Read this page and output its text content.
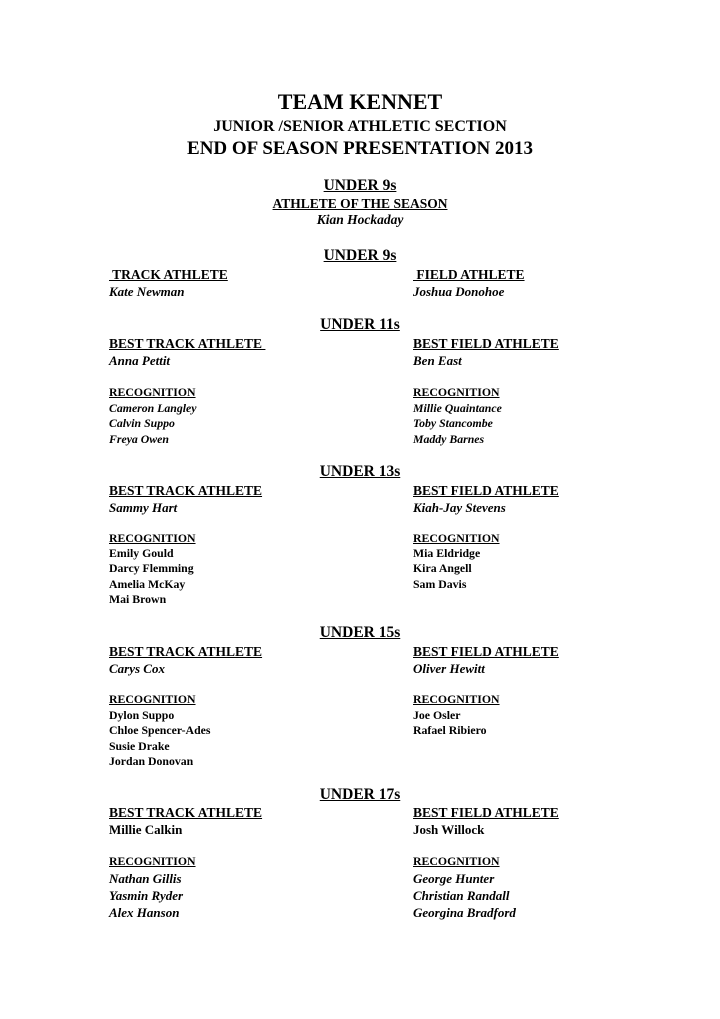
TEAM KENNET
JUNIOR /SENIOR ATHLETIC SECTION
END OF SEASON PRESENTATION 2013
UNDER 9s
ATHLETE OF THE SEASON
Kian Hockaday
UNDER 9s
TRACK ATHLETE
Kate Newman
FIELD ATHLETE
Joshua Donohoe
UNDER 11s
BEST TRACK ATHLETE
Anna Pettit
BEST FIELD ATHLETE
Ben East
RECOGNITION
Cameron Langley
Calvin Suppo
Freya Owen
RECOGNITION
Millie Quaintance
Toby Stancombe
Maddy Barnes
UNDER 13s
BEST TRACK ATHLETE
Sammy Hart
BEST FIELD ATHLETE
Kiah-Jay Stevens
RECOGNITION
Emily Gould
Darcy Flemming
Amelia McKay
Mai Brown
RECOGNITION
Mia Eldridge
Kira Angell
Sam Davis
UNDER 15s
BEST TRACK ATHLETE
Carys Cox
BEST FIELD ATHLETE
Oliver Hewitt
RECOGNITION
Dylon Suppo
Chloe Spencer-Ades
Susie Drake
Jordan Donovan
RECOGNITION
Joe Osler
Rafael Ribiero
UNDER 17s
BEST TRACK ATHLETE
Millie Calkin
BEST FIELD ATHLETE
Josh Willock
RECOGNITION
Nathan Gillis
Yasmin Ryder
Alex Hanson
RECOGNITION
George Hunter
Christian Randall
Georgina Bradford
